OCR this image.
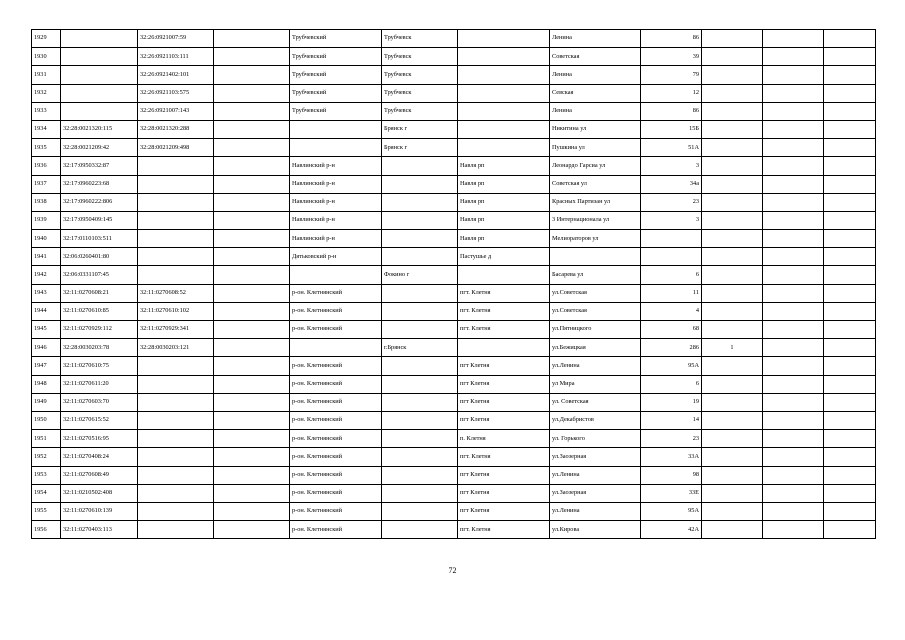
1929		32:26:0921007:59		Трубчевский	Трубчевск		Ленина	86			
1930		32:26:0921103:111		Трубчевский	Трубчевск		Советская	39			
1931		32:26:0921402:101		Трубчевский	Трубчевск		Ленина	79			
1932		32:26:0921103:575		Трубчевский	Трубчевск		Севская	12			
1933		32:26:0921007:143		Трубчевский	Трубчевск		Ленина	86			
1934	32:28:0021320:115	32:28:0021320:288			Брянск г		Никитина ул	15Б			
1935	32:28:0021209:42	32:28:0021209:498			Брянск г		Пушкина ул	51А			
1936	32:17:0950332:87			Навлинский р-н		Навля рп	Леонардо Гарсиа ул	3			
1937	32:17:0960223:68			Навлинский р-н		Навля рп	Советская ул	34а			
1938	32:17:0960222:806			Навлинский р-н		Навля рп	Красных Партизан ул	23			
1939	32:17:0950409:145			Навлинский р-н		Навля рп	3 Интернационала ул	3			
1940	32:17:0110103:511			Навлинский р-н		Навля рп	Мелиораторов ул				
1941	32:06:0260401:80			Дятьковский р-н		Пастушье д					
1942	32:06:0331107:45				Фокино г		Басарева ул	6			
1943	32:11:0270608:21	32:11:0270608:52		р-он. Клетнянский		пгт. Клетня	ул.Советская	11			
1944	32:11:0270610:85	32:11:0270610:102		р-он. Клетнянский		пгт. Клетня	ул.Советская	4			
1945	32:11:0270929:112	32:11:0270929:341		р-он. Клетнянский		пгт. Клетня	ул.Пятницкого	68			
1946	32:28:0030203:78	32:28:0030203:121			г.Брянск		ул.Бежицкая	286	1		
1947	32:11:0270610:75			р-он. Клетнянский		пгт Клетня	ул.Ленина	95А			
1948	32:11:0270611:20			р-он. Клетнянский		пгт Клетня	ул Мира	6			
1949	32:11:0270603:70			р-он. Клетнянский		пгт Клетня	ул. Советская	19			
1950	32:11:0270615:52			р-он. Клетнянский		пгт Клетня	ул.Декабристов	14			
1951	32:11:0270516:95			р-он. Клетнянский		п. Клетня	ул. Горького	23			
1952	32:11:0270408:24			р-он. Клетнянский		пгт. Клетня	ул.Заозерная	33А			
1953	32:11:0270608:49			р-он. Клетнянский		пгт Клетня	ул.Ленина	98			
1954	32:11:0210502:408			р-он. Клетнянский		пгт Клетня	ул.Заозерная	33Е			
1955	32:11:0270610:139			р-он. Клетнянский		пгт Клетня	ул.Ленина	95А			
1956	32:11:0270403:113			р-он. Клетнянский		пгт. Клетня	ул.Кирова	42А			
72
